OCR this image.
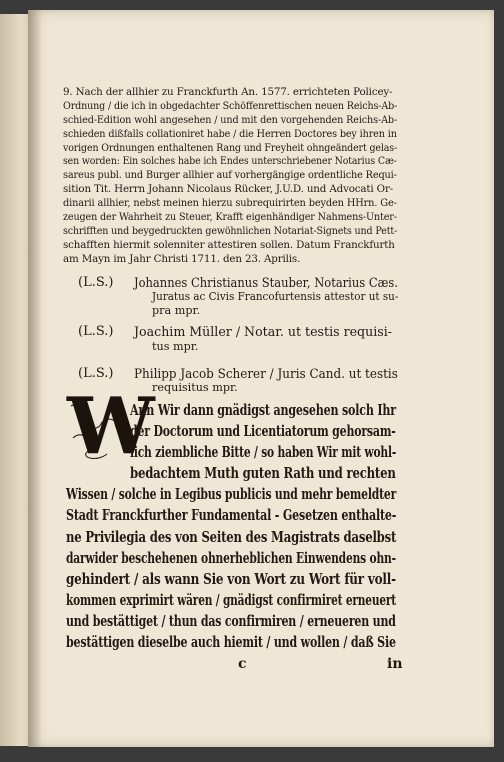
9. Nach der allhier zu Franckfurth An. 1577. errichteten Policey-
Ordnung / die ich in obgedachter Schöffenrettischen neuen Reichs-Ab-
schied-Edition wohl angesehen / und mit den vorgehenden Reichs-Ab-
schieden dißfalls collationiret habe / die Herren Doctores bey ihren in
vorigen Ordnungen enthaltenen Rang und Freyheit ohngeändert gelas-
sen worden: Ein solches habe ich Endes unterschriebener Notarius Cæ-
sareus publ. und Burger allhier auf vorhergängige ordentliche Requi-
sition Tit. Herrn Johann Nicolaus Rücker, J.U.D. und Advocati Or-
dinarii allhier, nebst meinen hierzu subrequirirten beyden HHrn. Ge-
zeugen der Wahrheit zu Steuer, Krafft eigenhändiger Nahmens-Unter-
schrifften und beygedruckten gewöhnlichen Notariat-Signets und Pett-
schafften hiermit solenniter attestiren sollen. Datum Franckfurth
am Mayn im Jahr Christi 1711. den 23. Aprilis.
(L.S.) Johannes Christianus Stauber, Notarius Cæs.
Juratus ac Civis Francofurtensis attestor ut su-
pra mpr.
(L.S.) Joachim Müller / Notar. ut testis requisi-
tus mpr.
(L.S.) Philipp Jacob Scherer / Juris Cand. ut testis
requisitus mpr.
W
Ann Wir dann gnädigst angesehen solch Ihr
der Doctorum und Licentiatorum gehorsam-
lich ziembliche Bitte / so haben Wir mit wohl-
bedachtem Muth guten Rath und rechten
Wissen / solche in Legibus publicis und mehr bemeldter
Stadt Franckfurther Fundamental - Gesetzen enthalte-
ne Privilegia des von Seiten des Magistrats daselbst
darwider beschehenen ohnerheblichen Einwendens ohn-
gehindert / als wann Sie von Wort zu Wort für voll-
kommen exprimirt wären / gnädigst confirmiret erneuert
und bestättiget / thun das confirmiren / erneueren und
bestättigen dieselbe auch hiemit / und wollen / daß Sie
c	in
